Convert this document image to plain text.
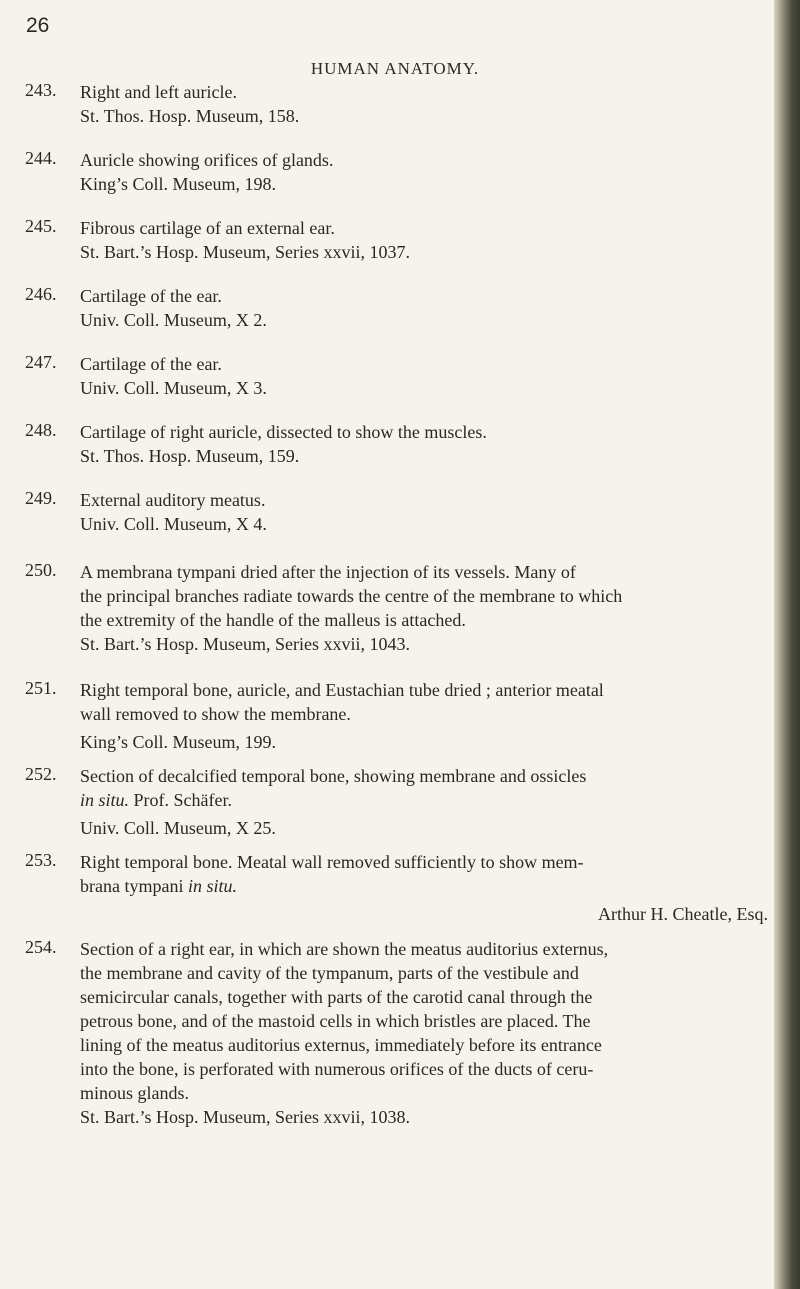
26
HUMAN ANATOMY.
243. Right and left auricle.
St. Thos. Hosp. Museum, 158.
244. Auricle showing orifices of glands.
King’s Coll. Museum, 198.
245. Fibrous cartilage of an external ear.
St. Bart.’s Hosp. Museum, Series xxvii, 1037.
246. Cartilage of the ear.
Univ. Coll. Museum, X 2.
247. Cartilage of the ear.
Univ. Coll. Museum, X 3.
248. Cartilage of right auricle, dissected to show the muscles.
St. Thos. Hosp. Museum, 159.
249. External auditory meatus.
Univ. Coll. Museum, X 4.
250. A membrana tympani dried after the injection of its vessels. Many of
the principal branches radiate towards the centre of the membrane to which
the extremity of the handle of the malleus is attached.
St. Bart.’s Hosp. Museum, Series xxvii, 1043.
251. Right temporal bone, auricle, and Eustachian tube dried ; anterior meatal
wall removed to show the membrane.
King’s Coll. Museum, 199.
252. Section of decalcified temporal bone, showing membrane and ossicles
in situ. Prof. Schäfer.
Univ. Coll. Museum, X 25.
253. Right temporal bone. Meatal wall removed sufficiently to show mem-
brana tympani in situ.
Arthur H. Cheatle, Esq.
254. Section of a right ear, in which are shown the meatus auditorius externus,
the membrane and cavity of the tympanum, parts of the vestibule and
semicircular canals, together with parts of the carotid canal through the
petrous bone, and of the mastoid cells in which bristles are placed. The
lining of the meatus auditorius externus, immediately before its entrance
into the bone, is perforated with numerous orifices of the ducts of ceru-
minous glands.
St. Bart.’s Hosp. Museum, Series xxvii, 1038.
